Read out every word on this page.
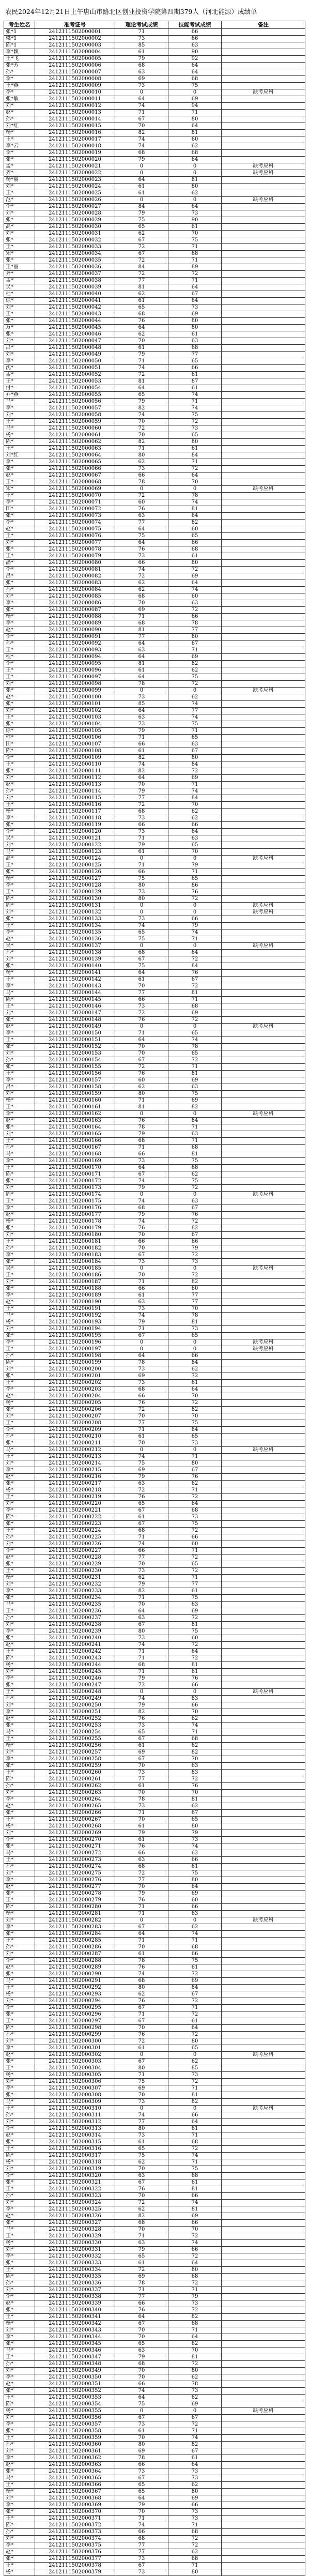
农民2024年12月21日上午唐山市路北区创业投资学院第四期379人（河北能源）成绩单
考生姓名	准考证号	理论考试成绩	技能考试成绩	备注
张*1	2412111502000001	71	66	
梁*1	2412111502000002	73	66	
陈*1	2412111502000003	85	63	
李*颖	2412111502000004	61	90	
王*飞	2412111502000005	79	92	
张*芳	2412111502000006	68	64	
孙*	2412111502000007	63	64	
李*	2412111502000008	69	68	
王*燕	2412111502000009	73	75	
李*	2412111502000010	0	0	缺考应科
张*敏	2412111502000011	64	69	
刘*	2412111502000012	74	94	
赵*	2412111502000013	71	71	
孙*	2412111502000014	67	80	
刘*红	2412111502000015	70	64	
杨*	2412111502000016	82	81	
王*	2412111502000017	74	60	
李*云	2412111502000018	74	62	
李*	2412111502000019	68	68	
张*	2412111502000020	79	64	
孟*	2412111502000021	0	0	缺考应科
齐*	2412111502000022	0	0	缺考应科
杨*丽	2412111502000023	64	81	
刘*	2412111502000024	61	80	
王*	2412111502000025	61	62	
范*	2412111502000026	0	0	缺考应科
李*	2412111502000027	84	64	
刘*	2412111502000028	79	73	
张*	2412111502000029	75	90	
高*	2412111502000030	65	61	
刘*	2412111502000031	62	70	
张*	2412111502000032	67	75	
王*	2412111502000033	72	71	
宋*	2412111502000034	67	68	
张*	2412111502000035	72	71	
王*丽	2412111502000036	84	89	
齐*	2412111502000037	72	72	
孟*	2412111502000038	77	71	
吴*	2412111502000039	81	64	
杜*	2412111502000040	62	67	
徐*	2412111502000041	61	64	
刘*	2412111502000042	65	73	
王*	2412111502000043	68	69	
张*	2412111502000044	76	80	
万*	2412111502000045	64	80	
张*	2412111502000046	62	61	
刘*	2412111502000047	70	63	
吕*	2412111502000048	61	68	
刘*	2412111502000049	79	77	
李*	2412111502000050	71	65	
沈*	2412111502000051	74	66	
孟*	2412111502000052	72	61	
王*	2412111502000053	81	87	
付*	2412111502000054	64	61	
乔*燕	2412111502000055	65	74	
马*	2412111502000056	79	71	
李*	2412111502000057	82	74	
刘*	2412111502000058	74	75	
王*	2412111502000059	70	72	
马*	2412111502000060	72	73	
杨*	2412111502000061	70	65	
陈*	2412111502000062	82	80	
王*	2412111502000063	71	61	
刘*红	2412111502000064	80	84	
李*	2412111502000065	62	71	
张*	2412111502000066	73	72	
赵*	2412111502000067	66	64	
王*	2412111502000068	78	70	
宋*	2412111502000069	0	0	缺考应科
王*	2412111502000070	72	78	
李*	2412111502000071	60	74	
田*	2412111502000072	76	81	
张*	2412111502000073	63	64	
李*	2412111502000074	77	82	
赵*	2412111502000075	64	60	
王*	2412111502000076	75	65	
刘*	2412111502000077	64	66	
张*	2412111502000078	76	68	
王*	2412111502000079	73	61	
潘*	2412111502000080	66	80	
李*	2412111502000081	74	72	
吕*	2412111502000082	72	69	
张*	2412111502000083	62	64	
孙*	2412111502000084	62	74	
刘*	2412111502000085	68	60	
李*	2412111502000086	70	63	
张*	2412111502000087	69	72	
杨*	2412111502000088	71	66	
李*	2412111502000089	68	78	
赵*	2412111502000090	81	77	
李*	2412111502000091	77	80	
孙*	2412111502000092	64	67	
王*	2412111502000093	63	71	
程*	2412111502000094	64	69	
李*	2412111502000095	81	82	
王*	2412111502000096	61	62	
王*	2412111502000097	64	75	
刘*	2412111502000098	78	72	
张*	2412111502000099	0	0	缺考应科
赵*	2412111502000100	73	62	
张*	2412111502000101	85	74	
刘*	2412111502000102	64	77	
王*	2412111502000103	63	74	
张*	2412111502000104	73	75	
徐*	2412111502000105	79	71	
韩*	2412111502000106	71	65	
田*	2412111502000107	66	63	
陈*	2412111502000108	61	67	
李*	2412111502000109	82	80	
王*	2412111502000110	74	84	
张*	2412111502000111	82	72	
刘*	2412111502000112	64	69	
赵*	2412111502000113	70	71	
孙*	2412111502000114	79	74	
刘*	2412111502000115	77	84	
王*	2412111502000116	72	70	
杨*	2412111502000117	68	62	
李*	2412111502000118	73	62	
张*	2412111502000119	66	66	
李*	2412111502000120	73	64	
吴*	2412111502000121	71	63	
刘*	2412111502000122	79	65	
马*	2412111502000123	61	70	
高*	2412111502000124	0	0	缺考应科
王*	2412111502000125	71	79	
张*	2412111502000126	66	71	
杨*	2412111502000127	75	65	
李*	2412111502000128	80	86	
王*	2412111502000129	73	76	
陈*	2412111502000130	80	72	
周*	2412111502000131	0	0	缺考应科
刘*	2412111502000132	0	0	缺考应科
张*	2412111502000133	73	66	
王*	2412111502000134	74	79	
李*	2412111502000135	65	74	
赵*	2412111502000136	75	71	
吴*	2412111502000137	0	0	缺考应科
孙*	2412111502000138	68	64	
刘*	2412111502000139	67	72	
张*	2412111502000140	75	84	
杨*	2412111502000141	64	76	
王*	2412111502000142	61	67	
李*	2412111502000143	70	72	
马*	2412111502000144	77	81	
陈*	2412111502000145	66	71	
王*	2412111502000146	73	68	
刘*	2412111502000147	72	69	
张*	2412111502000148	76	72	
赵*	2412111502000149	0	0	缺考应科
李*	2412111502000150	71	65	
王*	2412111502000151	64	74	
张*	2412111502000152	70	78	
刘*	2412111502000153	70	65	
孙*	2412111502000154	67	72	
张*	2412111502000155	72	71	
王*	2412111502000156	76	81	
李*	2412111502000157	60	69	
吕*	2412111502000158	62	63	
刘*	2412111502000159	80	75	
杨*	2412111502000160	71	69	
王*	2412111502000161	81	82	
李*	2412111502000162	0	0	缺考应科
赵*	2412111502000163	76	84	
张*	2412111502000164	78	71	
刘*	2412111502000165	79	63	
王*	2412111502000166	68	71	
孙*	2412111502000167	71	68	
马*	2412111502000168	66	81	
李*	2412111502000169	73	75	
王*	2412111502000170	64	68	
陈*	2412111502000171	67	62	
张*	2412111502000172	74	75	
刘*	2412111502000173	79	72	
周*	2412111502000174	0	0	缺考应科
王*	2412111502000175	74	63	
李*	2412111502000176	68	67	
赵*	2412111502000177	79	76	
杨*	2412111502000178	74	72	
张*	2412111502000179	76	82	
刘*	2412111502000180	70	67	
王*	2412111502000181	66	66	
孙*	2412111502000182	70	79	
李*	2412111502000183	67	72	
张*	2412111502000184	73	73	
吴*	2412111502000185	0	0	缺考应科
王*	2412111502000186	70	72	
刘*	2412111502000187	71	82	
张*	2412111502000188	66	60	
李*	2412111502000189	61	77	
赵*	2412111502000190	63	77	
王*	2412111502000191	73	70	
马*	2412111502000192	74	78	
杨*	2412111502000193	79	81	
刘*	2412111502000194	71	73	
张*	2412111502000195	67	65	
李*	2412111502000196	0	0	缺考应科
王*	2412111502000197	0	0	缺考应科
孙*	2412111502000198	64	66	
陈*	2412111502000199	78	84	
刘*	2412111502000200	73	62	
张*	2412111502000201	69	72	
王*	2412111502000202	73	61	
李*	2412111502000203	68	64	
赵*	2412111502000204	66	70	
杨*	2412111502000205	76	72	
张*	2412111502000206	72	82	
刘*	2412111502000207	70	70	
王*	2412111502000208	77	75	
李*	2412111502000209	71	84	
孙*	2412111502000210	61	65	
张*	2412111502000211	70	73	
马*	2412111502000212	0	0	缺考应科
王*	2412111502000213	74	71	
刘*	2412111502000214	75	80	
李*	2412111502000215	69	67	
赵*	2412111502000216	79	76	
张*	2412111502000217	63	62	
杨*	2412111502000218	72	71	
王*	2412111502000219	76	72	
刘*	2412111502000220	65	64	
李*	2412111502000221	67	68	
陈*	2412111502000222	61	73	
张*	2412111502000223	67	75	
王*	2412111502000224	68	72	
孙*	2412111502000225	71	66	
刘*	2412111502000226	74	60	
李*	2412111502000227	66	71	
赵*	2412111502000228	77	72	
张*	2412111502000229	70	65	
王*	2412111502000230	73	72	
杨*	2412111502000231	62	71	
刘*	2412111502000232	79	77	
李*	2412111502000233	82	61	
张*	2412111502000234	71	75	
马*	2412111502000235	70	63	
王*	2412111502000236	64	69	
孙*	2412111502000237	63	72	
刘*	2412111502000238	67	81	
李*	2412111502000239	80	75	
张*	2412111502000240	73	60	
赵*	2412111502000241	74	72	
王*	2412111502000242	71	64	
陈*	2412111502000243	71	72	
杨*	2412111502000244	68	81	
刘*	2412111502000245	71	61	
李*	2412111502000246	79	76	
张*	2412111502000247	72	66	
王*	2412111502000248	0	0	缺考应科
孙*	2412111502000249	74	83	
刘*	2412111502000250	79	66	
李*	2412111502000251	82	70	
赵*	2412111502000252	76	62	
张*	2412111502000253	73	74	
马*	2412111502000254	65	71	
王*	2412111502000255	67	68	
杨*	2412111502000256	61	62	
刘*	2412111502000257	69	82	
李*	2412111502000258	67	70	
张*	2412111502000259	70	63	
王*	2412111502000260	73	83	
陈*	2412111502000261	77	72	
孙*	2412111502000262	61	76	
刘*	2412111502000263	70	70	
李*	2412111502000264	78	81	
赵*	2412111502000265	73	62	
张*	2412111502000266	71	67	
王*	2412111502000267	70	65	
杨*	2412111502000268	61	80	
刘*	2412111502000269	79	79	
李*	2412111502000270	61	73	
张*	2412111502000271	76	74	
马*	2412111502000272	66	62	
王*	2412111502000273	63	66	
孙*	2412111502000274	68	61	
刘*	2412111502000275	72	75	
李*	2412111502000276	77	80	
赵*	2412111502000277	70	64	
张*	2412111502000278	79	69	
王*	2412111502000279	76	60	
陈*	2412111502000280	71	66	
杨*	2412111502000281	71	63	
刘*	2412111502000282	0	0	缺考应科
李*	2412111502000283	67	62	
张*	2412111502000284	64	74	
王*	2412111502000285	71	71	
孙*	2412111502000286	70	68	
刘*	2412111502000287	61	66	
李*	2412111502000288	78	75	
赵*	2412111502000289	76	61	
张*	2412111502000290	74	72	
马*	2412111502000291	68	69	
王*	2412111502000292	80	84	
杨*	2412111502000293	62	67	
刘*	2412111502000294	76	72	
李*	2412111502000295	67	71	
张*	2412111502000296	71	72	
王*	2412111502000297	67	61	
陈*	2412111502000298	70	64	
孙*	2412111502000299	76	72	
刘*	2412111502000300	72	80	
李*	2412111502000301	61	65	
赵*	2412111502000302	0	0	缺考应科
张*	2412111502000303	67	62	
王*	2412111502000304	80	85	
杨*	2412111502000305	71	73	
刘*	2412111502000306	75	72	
李*	2412111502000307	69	71	
张*	2412111502000308	70	81	
马*	2412111502000309	73	82	
王*	2412111502000310	0	0	缺考应科
孙*	2412111502000311	74	66	
刘*	2412111502000312	77	64	
李*	2412111502000313	80	61	
赵*	2412111502000314	73	71	
张*	2412111502000315	61	68	
王*	2412111502000316	65	72	
陈*	2412111502000317	75	74	
杨*	2412111502000318	62	71	
刘*	2412111502000319	70	75	
李*	2412111502000320	63	68	
张*	2412111502000321	67	61	
王*	2412111502000322	76	81	
孙*	2412111502000323	70	66	
刘*	2412111502000324	72	74	
李*	2412111502000325	62	81	
赵*	2412111502000326	82	69	
张*	2412111502000327	68	66	
马*	2412111502000328	70	70	
王*	2412111502000329	71	72	
杨*	2412111502000330	63	74	
刘*	2412111502000331	79	66	
李*	2412111502000332	65	72	
张*	2412111502000333	61	64	
王*	2412111502000334	72	80	
陈*	2412111502000335	69	68	
孙*	2412111502000336	78	72	
刘*	2412111502000337	71	71	
李*	2412111502000338	77	79	
赵*	2412111502000339	66	73	
张*	2412111502000340	76	72	
王*	2412111502000341	64	82	
杨*	2412111502000342	67	68	
刘*	2412111502000343	70	71	
李*	2412111502000344	70	64	
张*	2412111502000345	65	62	
马*	2412111502000346	63	70	
王*	2412111502000347	79	81	
孙*	2412111502000348	68	72	
刘*	2412111502000349	70	80	
李*	2412111502000350	70	62	
赵*	2412111502000351	66	78	
张*	2412111502000352	74	73	
王*	2412111502000353	64	62	
陈*	2412111502000354	75	69	
杨*	2412111502000355	0	0	缺考应科
刘*	2412111502000356	67	67	
李*	2412111502000357	73	72	
张*	2412111502000358	61	71	
王*	2412111502000359	70	74	
孙*	2412111502000360	80	82	
刘*	2412111502000361	69	67	
李*	2412111502000362	78	61	
赵*	2412111502000363	66	64	
张*	2412111502000364	73	73	
马*	2412111502000365	67	73	
王*	2412111502000366	65	62	
杨*	2412111502000367	65	80	
刘*	2412111502000368	64	69	
李*	2412111502000369	79	66	
张*	2412111502000370	70	73	
王*	2412111502000371	71	73	
陈*	2412111502000372	74	71	
孙*	2412111502000373	66	68	
刘*	2412111502000374	68	72	
李*	2412111502000375	77	72	
赵*	2412111502000376	77	62	
张*	2412111502000377	73	68	
王*	2412111502000378	67	71	
杨*	2412111502000379	73	80	
